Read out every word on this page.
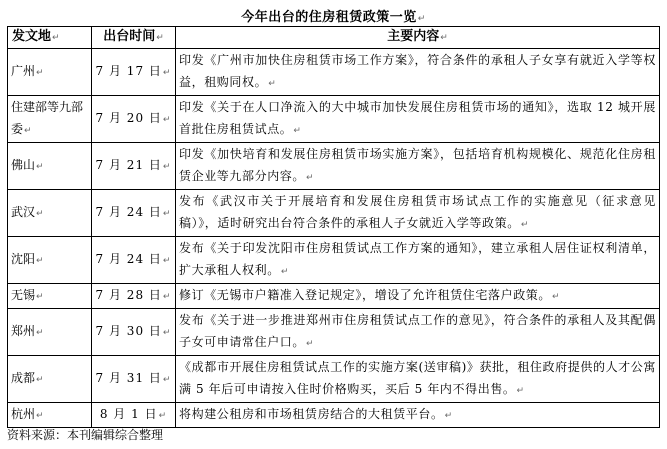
今年出台的住房租赁政策一览↵
发文地↵	出台时间↵	主要内容↵
广州↵	7 月 17 日↵	印发《广州市加快住房租赁市场工作方案》，符合条件的承租人子女享有就近入学等权益，租购同权。↵
住建部等九部委↵	7 月 20 日↵	印发《关于在人口净流入的大中城市加快发展住房租赁市场的通知》，选取 12 城开展首批住房租赁试点。↵
佛山↵	7 月 21 日↵	印发《加快培育和发展住房租赁市场实施方案》，包括培育机构规模化、规范化住房租赁企业等九部分内容。↵
武汉↵	7 月 24 日↵	发布《武汉市关于开展培育和发展住房租赁市场试点工作的实施意见（征求意见稿）》，适时研究出台符合条件的承租人子女就近入学等政策。↵
沈阳↵	7 月 24 日↵	发布《关于印发沈阳市住房租赁试点工作方案的通知》，建立承租人居住证权利清单，扩大承租人权利。↵
无锡↵	7 月 28 日↵	修订《无锡市户籍准入登记规定》，增设了允许租赁住宅落户政策。↵
郑州↵	7 月 30 日↵	发布《关于进一步推进郑州市住房租赁试点工作的意见》，符合条件的承租人及其配偶子女可申请常住户口。↵
成都↵	7 月 31 日↵	《成都市开展住房租赁试点工作的实施方案(送审稿)》获批，租住政府提供的人才公寓满 5 年后可申请按入住时价格购买，买后 5 年内不得出售。↵
杭州↵	8 月 1 日↵	将构建公租房和市场租赁房结合的大租赁平台。↵
资料来源：本刊编辑综合整理
